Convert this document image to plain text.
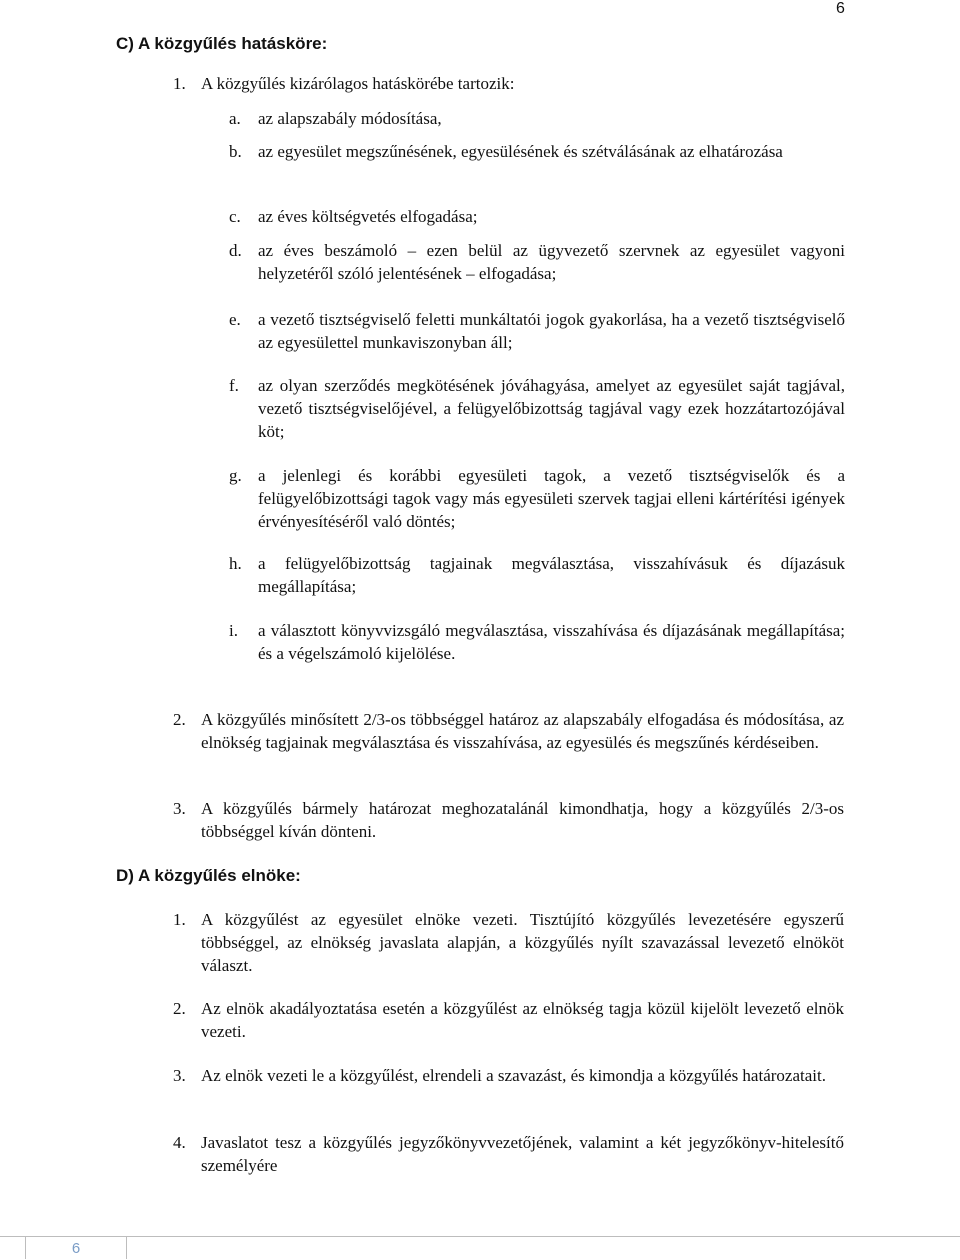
6
C) A közgyűlés hatásköre:
1. A közgyűlés kizárólagos hatáskörébe tartozik:
a. az alapszabály módosítása,
b. az egyesület megszűnésének, egyesülésének és szétválásának az elhatározása
c. az éves költségvetés elfogadása;
d. az éves beszámoló – ezen belül az ügyvezető szervnek az egyesület vagyoni helyzetéről szóló jelentésének – elfogadása;
e. a vezető tisztségviselő feletti munkáltatói jogok gyakorlása, ha a vezető tisztségviselő az egyesülettel munkaviszonyban áll;
f. az olyan szerződés megkötésének jóváhagyása, amelyet az egyesület saját tagjával, vezető tisztségviselőjével, a felügyelőbizottság tagjával vagy ezek hozzátartozójával köt;
g. a jelenlegi és korábbi egyesületi tagok, a vezető tisztségviselők és a felügyelőbizottsági tagok vagy más egyesületi szervek tagjai elleni kártérítési igények érvényesítéséről való döntés;
h. a felügyelőbizottság tagjainak megválasztása, visszahívásuk és díjazásuk megállapítása;
i. a választott könyvvizsgáló megválasztása, visszahívása és díjazásának megállapítása; és a végelszámoló kijelölése.
2. A közgyűlés minősített 2/3-os többséggel határoz az alapszabály elfogadása és módosítása, az elnökség tagjainak megválasztása és visszahívása, az egyesülés és megszűnés kérdéseiben.
3. A közgyűlés bármely határozat meghozatalánál kimondhatja, hogy a közgyűlés 2/3-os többséggel kíván dönteni.
D) A közgyűlés elnöke:
1. A közgyűlést az egyesület elnöke vezeti. Tisztújító közgyűlés levezetésére egyszerű többséggel, az elnökség javaslata alapján, a közgyűlés nyílt szavazással levezető elnököt választ.
2. Az elnök akadályoztatása esetén a közgyűlést az elnökség tagja közül kijelölt levezető elnök vezeti.
3. Az elnök vezeti le a közgyűlést, elrendeli a szavazást, és kimondja a közgyűlés határozatait.
4. Javaslatot tesz a közgyűlés jegyzőkönyvvezetőjének, valamint a két jegyzőkönyv-hitelesítő személyére
6
